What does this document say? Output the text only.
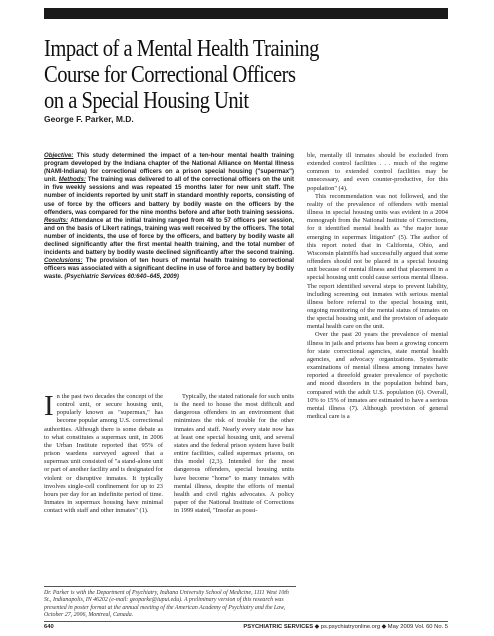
Impact of a Mental Health Training
Course for Correctional Officers
on a Special Housing Unit
George F. Parker, M.D.
Objective: This study determined the impact of a ten-hour mental health training program developed by the Indiana chapter of the National Alliance on Mental Illness (NAMI-Indiana) for correctional officers on a prison special housing ("supermax") unit. Methods: The training was delivered to all of the correctional officers on the unit in five weekly sessions and was repeated 15 months later for new unit staff. The number of incidents reported by unit staff in standard monthly reports, consisting of use of force by the officers and battery by bodily waste on the officers by the offenders, was compared for the nine months before and after both training sessions. Results: Attendance at the initial training ranged from 48 to 57 officers per session, and on the basis of Likert ratings, training was well received by the officers. The total number of incidents, the use of force by the officers, and battery by bodily waste all declined significantly after the first mental health training, and the total number of incidents and battery by bodily waste declined significantly after the second training. Conclusions: The provision of ten hours of mental health training to correctional officers was associated with a significant decline in use of force and battery by bodily waste. (Psychiatric Services 60:640–645, 2009)

In the past two decades the concept of the control unit, or secure housing unit, popularly known as "supermax," has become popular among U.S. correctional authorities. Although there is some debate as to what constitutes a supermax unit, in 2006 the Urban Institute reported that 95% of prison wardens surveyed agreed that a supermax unit consisted of "a stand-alone unit or part of another facility and is designated for violent or disruptive inmates. It typically involves single-cell confinement for up to 23 hours per day for an indefinite period of time. Inmates in supermax housing have minimal contact with staff and other inmates" (1).

Typically, the stated rationale for such units is the need to house the most difficult and dangerous offenders in an environment that minimizes the risk of trouble for the other inmates and staff. Nearly every state now has at least one special housing unit, and several states and the federal prison system have built entire facilities, called supermax prisons, on this model (2,3). Intended for the most dangerous offenders, special housing units have become "home" to many inmates with mental illness, despite the efforts of mental health and civil rights advocates. A policy paper of the National Institute of Corrections in 1999 stated, "Insofar as possi-

ble, mentally ill inmates should be excluded from extended control facilities . . . much of the regime common to extended control facilities may be unnecessary, and even counter-productive, for this population" (4).

This recommendation was not followed, and the reality of the prevalence of offenders with mental illness in special housing units was evident in a 2004 monograph from the National Institute of Corrections, for it identified mental health as "the major issue emerging in supermax litigation" (5). The author of this report noted that in California, Ohio, and Wisconsin plaintiffs had successfully argued that some offenders should not be placed in a special housing unit because of mental illness and that placement in a special housing unit could cause serious mental illness. The report identified several steps to prevent liability, including screening out inmates with serious mental illness before referral to the special housing unit, ongoing monitoring of the mental status of inmates on the special housing unit, and the provision of adequate mental health care on the unit.

Over the past 20 years the prevalence of mental illness in jails and prisons has been a growing concern for state correctional agencies, state mental health agencies, and advocacy organizations. Systematic examinations of mental illness among inmates have reported a threefold greater prevalence of psychotic and mood disorders in the population behind bars, compared with the adult U.S. population (6). Overall, 10% to 15% of inmates are estimated to have a serious mental illness (7). Although provision of general medical care is a

Dr. Parker is with the Department of Psychiatry, Indiana University School of Medicine, 1111 West 10th St., Indianapolis, IN 46202 (e-mail: geoparke@iupui.edu). A preliminary version of this research was presented in poster format at the annual meeting of the American Academy of Psychiatry and the Law, October 27, 2006, Montreal, Canada.
640	PSYCHIATRIC SERVICES ◆ ps.psychiatryonline.org ◆ May 2009 Vol. 60 No. 5
